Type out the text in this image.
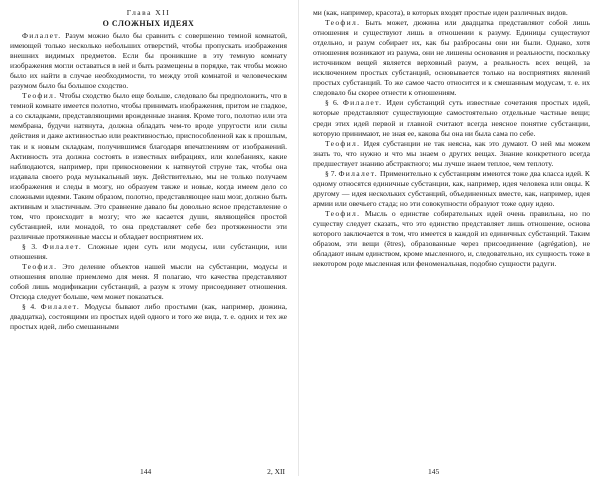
Глава XII
О СЛОЖНЫХ ИДЕЯХ

Филалет. Разум можно было бы сравнить с совершенно темной комнатой, имеющей только несколько небольших отверстий, чтобы пропускать изображения внешних видимых предметов. Если бы проникшие в эту темную комнату изображения могли оставаться в ней и быть размещены в порядке, так чтобы можно было их найти в случае необходимости, то между этой комнатой и человеческим разумом было бы большое сходство.

Теофил. Чтобы сходство было еще больше, следовало бы предположить, что в темной комнате имеется полотно, чтобы принимать изображения, притом не гладкое, а со складками, представляющими врожденные знания. Кроме того, полотно или эта мембрана, будучи натянута, должна обладать чем-то вроде упругости или силы действия и даже активностью или реактивностью, приспособленной как к прошлым, так и к новым складкам, получившимся благодаря впечатлениям от изображений. Активность эта должна состоять в известных вибрациях, или колебаниях, какие наблюдаются, например, при прикосновении к натянутой струне так, чтобы она издавала своего рода музыкальный звук. Действительно, мы не только получаем изображения и следы в мозгу, но образуем также и новые, когда имеем дело со сложными идеями. Таким образом, полотно, представляющее наш мозг, должно быть активным и эластичным. Это сравнение давало бы довольно ясное представление о том, что происходит в мозгу; что же касается души, являющейся простой субстанцией, или монадой, то она представляет себе без протяженности эти различные протяженные массы и обладает восприятием их.

§ 3. Филалет. Сложные идеи суть или модусы, или субстанции, или отношения.

Теофил. Это деление объектов нашей мысли на субстанции, модусы и отношения вполне приемлемо для меня. Я полагаю, что качества представляют собой лишь модификации субстанций, а разум к этому присоединяет отношения. Отсюда следует больше, чем может показаться.

§ 4. Филалет. Модусы бывают либо простыми (как, например, дюжина, двадцатка), состоящими из простых идей одного и того же вида, т. е. одних и тех же простых идей, либо смешанными

144	2, XII

ми (как, например, красота), в которых входят простые идеи различных видов.

Теофил. Быть может, дюжина или двадцатка представляют собой лишь отношения и существуют лишь в отношении к разуму. Единицы существуют отдельно, и разум собирает их, как бы разбросаны они ни были. Однако, хотя отношения возникают из разума, они не лишены основания и реальности, поскольку источником вещей является верховный разум, а реальность всех вещей, за исключением простых субстанций, основывается только на восприятиях явлений простых субстанций. То же самое часто относится и к смешанным модусам, т. е. их следовало бы скорее отнести к отношениям.

§ 6. Филалет. Идеи субстанций суть известные сочетания простых идей, которые представляют существующие самостоятельно отдельные частные вещи; среди этих идей первой и главной считают всегда неясное понятие субстанции, которую принимают, не зная ее, какова бы она ни была сама по себе.

Теофил. Идея субстанции не так неясна, как это думают. О ней мы можем знать то, что нужно и что мы знаем о других вещах. Знание конкретного всегда предшествует знанию абстрактного; мы лучше знаем теплое, чем теплоту.

§ 7. Филалет. Применительно к субстанциям имеются тоже два класса идей. К одному относятся единичные субстанции, как, например, идея человека или овцы. К другому — идея нескольких субстанций, объединенных вместе, как, например, идея армии или овечьего стада; но эти совокупности образуют тоже одну идею.

Теофил. Мысль о единстве собирательных идей очень правильна, но по существу следует сказать, что это единство представляет лишь отношение, основа которого заключается в том, что имеется в каждой из единичных субстанций. Таким образом, эти вещи (êtres), образованные через присоединение (agrégation), не обладают иным единством, кроме мысленного, и, следовательно, их сущность тоже в некотором роде мысленная или феноменальная, подобно сущности радуги.

145
